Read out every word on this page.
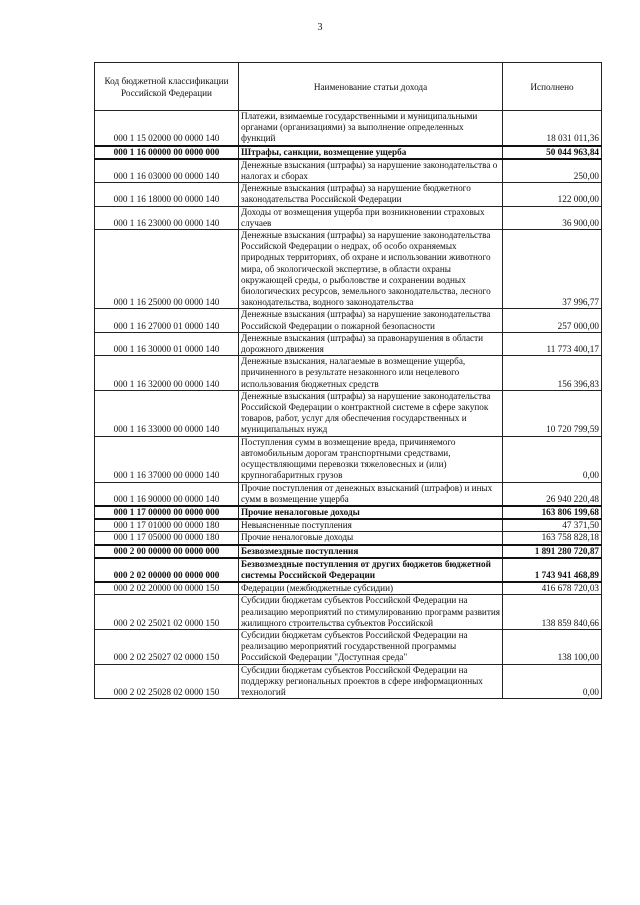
3
Код бюджетной классификации Российской Федерации	Наименование статьи дохода	Исполнено
000 1 15 02000 00 0000 140	Платежи, взимаемые государственными и муниципальными органами (организациями) за выполнение определенных функций	18 031 011,36
000 1 16 00000 00 0000 000	Штрафы, санкции, возмещение ущерба	50 044 963,84
000 1 16 03000 00 0000 140	Денежные взыскания (штрафы) за нарушение законодательства о налогах и сборах	250,00
000 1 16 18000 00 0000 140	Денежные взыскания (штрафы) за нарушение бюджетного законодательства Российской Федерации	122 000,00
000 1 16 23000 00 0000 140	Доходы от возмещения ущерба при возникновении страховых случаев	36 900,00
000 1 16 25000 00 0000 140	Денежные взыскания (штрафы) за нарушение законодательства Российской Федерации о недрах, об особо охраняемых природных территориях, об охране и использовании животного мира, об экологической экспертизе, в области охраны окружающей среды, о рыболовстве и сохранении водных биологических ресурсов, земельного законодательства, лесного законодательства, водного законодательства	37 996,77
000 1 16 27000 01 0000 140	Денежные взыскания (штрафы) за нарушение законодательства Российской Федерации о пожарной безопасности	257 000,00
000 1 16 30000 01 0000 140	Денежные взыскания (штрафы) за правонарушения в области дорожного движения	11 773 400,17
000 1 16 32000 00 0000 140	Денежные взыскания, налагаемые в возмещение ущерба, причиненного в результате незаконного или нецелевого использования бюджетных средств	156 396,83
000 1 16 33000 00 0000 140	Денежные взыскания (штрафы) за нарушение законодательства Российской Федерации о контрактной системе в сфере закупок товаров, работ, услуг для обеспечения государственных и муниципальных нужд	10 720 799,59
000 1 16 37000 00 0000 140	Поступления сумм в возмещение вреда, причиняемого автомобильным дорогам транспортными средствами, осуществляющими перевозки тяжеловесных и (или) крупногабаритных грузов	0,00
000 1 16 90000 00 0000 140	Прочие поступления от денежных взысканий (штрафов) и иных сумм в возмещение ущерба	26 940 220,48
000 1 17 00000 00 0000 000	Прочие неналоговые доходы	163 806 199,68
000 1 17 01000 00 0000 180	Невыясненные поступления	47 371,50
000 1 17 05000 00 0000 180	Прочие неналоговые доходы	163 758 828,18
000 2 00 00000 00 0000 000	Безвозмездные поступления	1 891 280 720,87
000 2 02 00000 00 0000 000	Безвозмездные поступления от других бюджетов бюджетной системы Российской Федерации	1 743 941 468,89
000 2 02 20000 00 0000 150	Федерации (межбюджетные субсидии)	416 678 720,03
000 2 02 25021 02 0000 150	Субсидии бюджетам субъектов Российской Федерации на реализацию мероприятий по стимулированию программ развития жилищного строительства субъектов Российской	138 859 840,66
000 2 02 25027 02 0000 150	Субсидии бюджетам субъектов Российской Федерации на реализацию мероприятий государственной программы Российской Федерации "Доступная среда"	138 100,00
000 2 02 25028 02 0000 150	Субсидии бюджетам субъектов Российской Федерации на поддержку региональных проектов в сфере информационных технологий	0,00
